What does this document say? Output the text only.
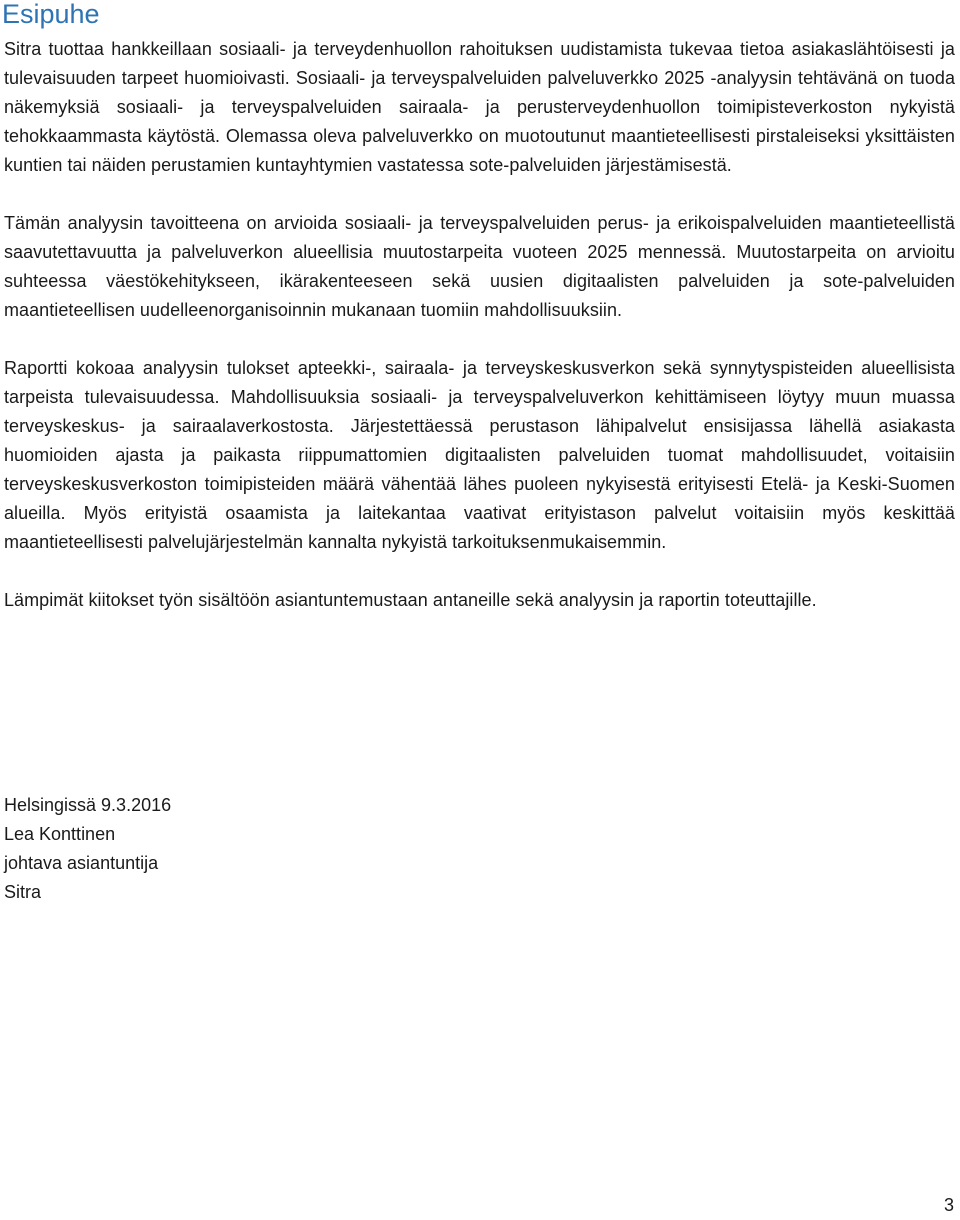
Esipuhe

Sitra tuottaa hankkeillaan sosiaali- ja terveydenhuollon rahoituksen uudistamista tukevaa tietoa asiakaslähtöisesti ja tulevaisuuden tarpeet huomioivasti. Sosiaali- ja terveyspalveluiden palveluverkko 2025 -analyysin tehtävänä on tuoda näkemyksiä sosiaali- ja terveyspalveluiden sairaala- ja perusterveydenhuollon toimipisteverkoston nykyistä tehokkaammasta käytöstä. Olemassa oleva palveluverkko on muotoutunut maantieteellisesti pirstaleiseksi yksittäisten kuntien tai näiden perustamien kuntayhtymien vastatessa sote-palveluiden järjestämisestä.

Tämän analyysin tavoitteena on arvioida sosiaali- ja terveyspalveluiden perus- ja erikoispalveluiden maantieteellistä saavutettavuutta ja palveluverkon alueellisia muutostarpeita vuoteen 2025 mennessä. Muutostarpeita on arvioitu suhteessa väestökehitykseen, ikärakenteeseen sekä uusien digitaalisten palveluiden ja sote-palveluiden maantieteellisen uudelleenorganisoinnin mukanaan tuomiin mahdollisuuksiin.

Raportti kokoaa analyysin tulokset apteekki-, sairaala- ja terveyskeskusverkon sekä synnytyspisteiden alueellisista tarpeista tulevaisuudessa. Mahdollisuuksia sosiaali- ja terveyspalveluverkon kehittämiseen löytyy muun muassa terveyskeskus- ja sairaalaverkostosta. Järjestettäessä perustason lähipalvelut ensisijassa lähellä asiakasta huomioiden ajasta ja paikasta riippumattomien digitaalisten palveluiden tuomat mahdollisuudet, voitaisiin terveyskeskusverkoston toimipisteiden määrä vähentää lähes puoleen nykyisestä erityisesti Etelä- ja Keski-Suomen alueilla. Myös erityistä osaamista ja laitekantaa vaativat erityistason palvelut voitaisiin myös keskittää maantieteellisesti palvelujärjestelmän kannalta nykyistä tarkoituksenmukaisemmin.

Lämpimät kiitokset työn sisältöön asiantuntemustaan antaneille sekä analyysin ja raportin toteuttajille.

Helsingissä 9.3.2016
Lea Konttinen
johtava asiantuntija
Sitra
3
